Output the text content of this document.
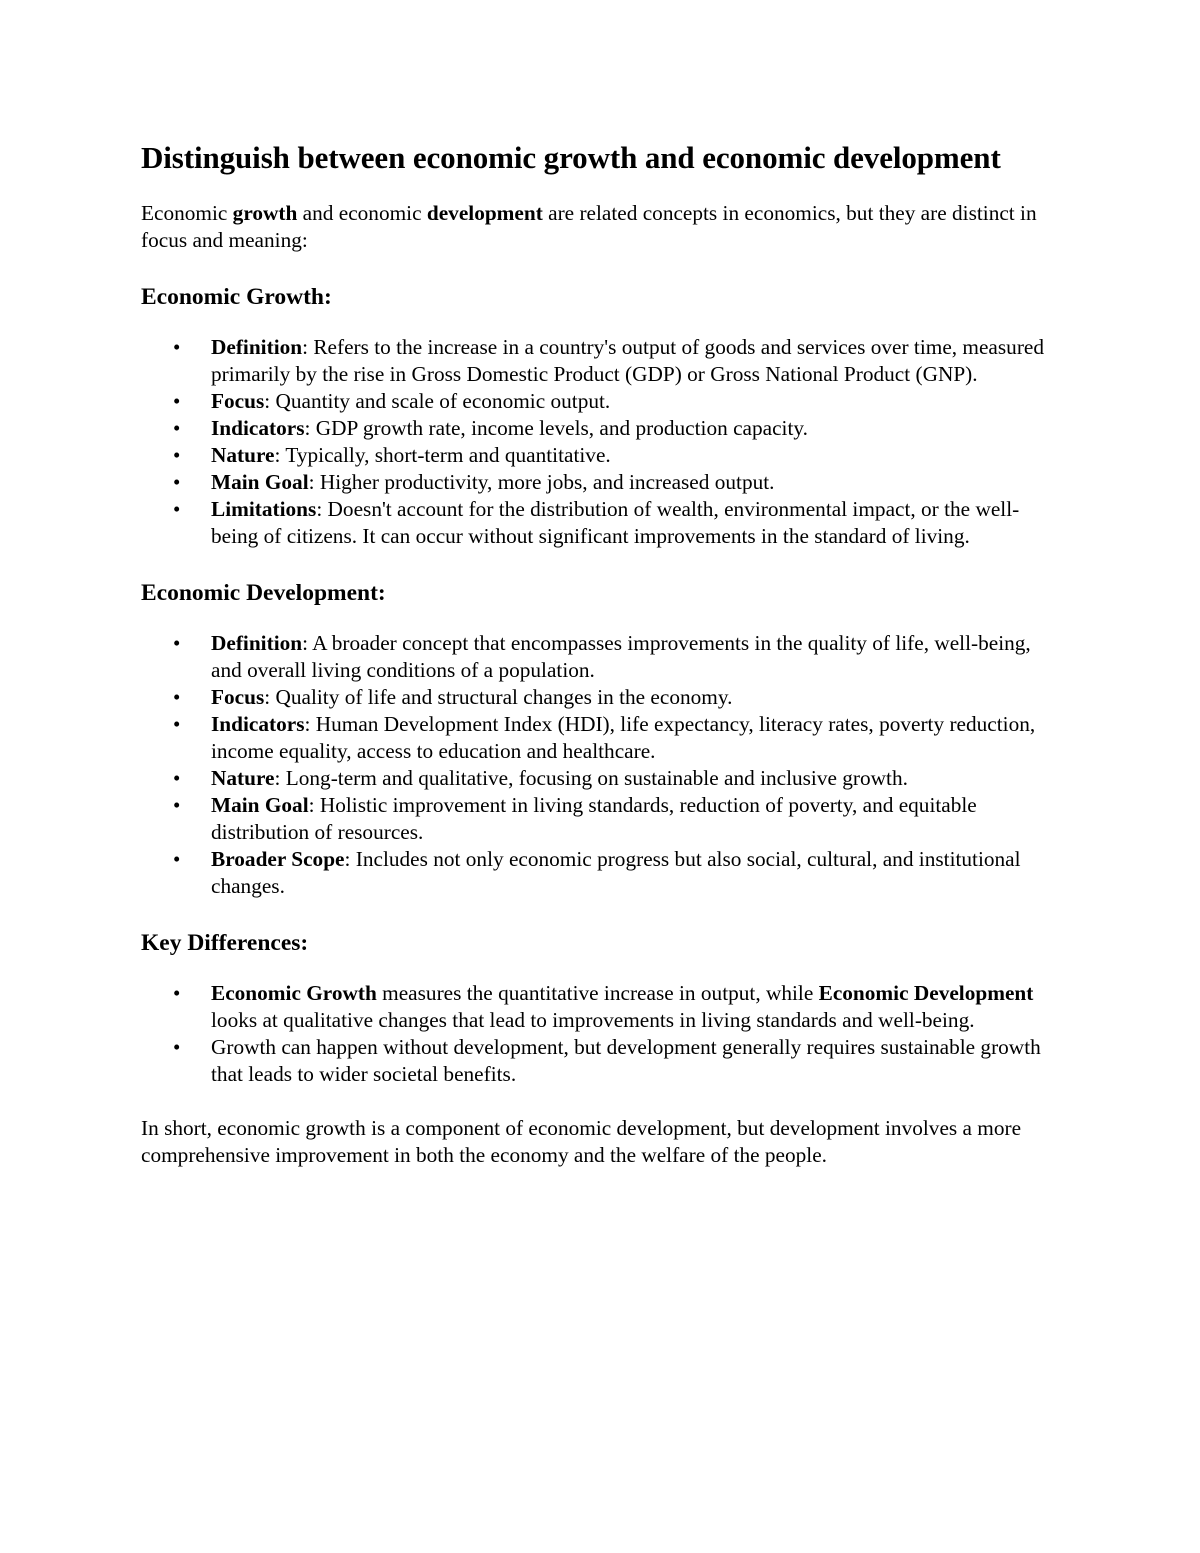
Distinguish between economic growth and economic development

Economic growth and economic development are related concepts in economics, but they are distinct in focus and meaning:

Economic Growth:
• Definition: Refers to the increase in a country's output of goods and services over time, measured primarily by the rise in Gross Domestic Product (GDP) or Gross National Product (GNP).
• Focus: Quantity and scale of economic output.
• Indicators: GDP growth rate, income levels, and production capacity.
• Nature: Typically, short-term and quantitative.
• Main Goal: Higher productivity, more jobs, and increased output.
• Limitations: Doesn't account for the distribution of wealth, environmental impact, or the well-being of citizens. It can occur without significant improvements in the standard of living.
Economic Development:
• Definition: A broader concept that encompasses improvements in the quality of life, well-being, and overall living conditions of a population.
• Focus: Quality of life and structural changes in the economy.
• Indicators: Human Development Index (HDI), life expectancy, literacy rates, poverty reduction, income equality, access to education and healthcare.
• Nature: Long-term and qualitative, focusing on sustainable and inclusive growth.
• Main Goal: Holistic improvement in living standards, reduction of poverty, and equitable distribution of resources.
• Broader Scope: Includes not only economic progress but also social, cultural, and institutional changes.
Key Differences:
• Economic Growth measures the quantitative increase in output, while Economic Development looks at qualitative changes that lead to improvements in living standards and well-being.
• Growth can happen without development, but development generally requires sustainable growth that leads to wider societal benefits.

In short, economic growth is a component of economic development, but development involves a more comprehensive improvement in both the economy and the welfare of the people.
